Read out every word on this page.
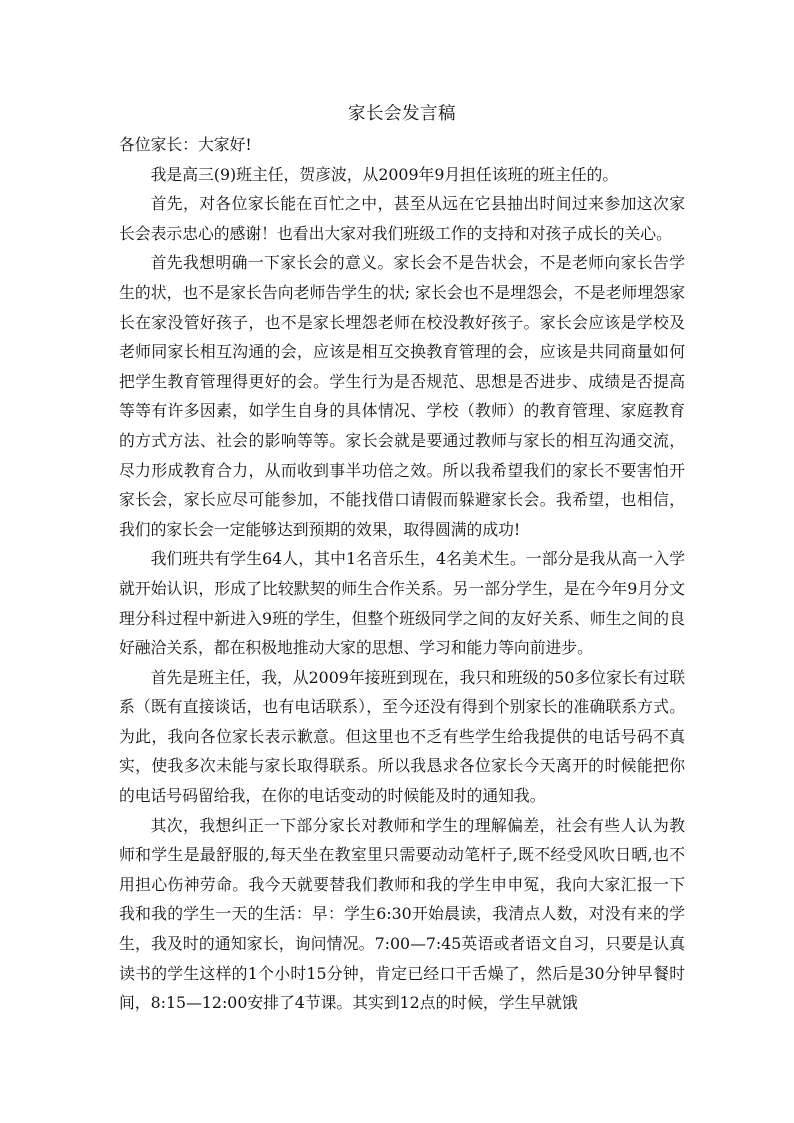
家长会发言稿

各位家长：大家好!

我是高三(9)班主任，贺彦波，从2009年9月担任该班的班主任的。

首先，对各位家长能在百忙之中，甚至从远在它县抽出时间过来参加这次家长会表示忠心的感谢！也看出大家对我们班级工作的支持和对孩子成长的关心。

首先我想明确一下家长会的意义。家长会不是告状会，不是老师向家长告学生的状，也不是家长告向老师告学生的状; 家长会也不是埋怨会，不是老师埋怨家长在家没管好孩子，也不是家长埋怨老师在校没教好孩子。家长会应该是学校及老师同家长相互沟通的会，应该是相互交换教育管理的会，应该是共同商量如何把学生教育管理得更好的会。学生行为是否规范、思想是否进步、成绩是否提高等等有许多因素，如学生自身的具体情况、学校（教师）的教育管理、家庭教育的方式方法、社会的影响等等。家长会就是要通过教师与家长的相互沟通交流，尽力形成教育合力，从而收到事半功倍之效。所以我希望我们的家长不要害怕开家长会，家长应尽可能参加，不能找借口请假而躲避家长会。我希望，也相信，我们的家长会一定能够达到预期的效果，取得圆满的成功!

我们班共有学生64人，其中1名音乐生，4名美术生。一部分是我从高一入学就开始认识，形成了比较默契的师生合作关系。另一部分学生，是在今年9月分文理分科过程中新进入9班的学生，但整个班级同学之间的友好关系、师生之间的良好融洽关系，都在积极地推动大家的思想、学习和能力等向前进步。

首先是班主任，我，从2009年接班到现在，我只和班级的50多位家长有过联系（既有直接谈话，也有电话联系），至今还没有得到个别家长的准确联系方式。为此，我向各位家长表示歉意。但这里也不乏有些学生给我提供的电话号码不真实，使我多次未能与家长取得联系。所以我恳求各位家长今天离开的时候能把你的电话号码留给我，在你的电话变动的时候能及时的通知我。

其次，我想纠正一下部分家长对教师和学生的理解偏差，社会有些人认为教师和学生是最舒服的,每天坐在教室里只需要动动笔杆子,既不经受风吹日晒,也不用担心伤神劳命。我今天就要替我们教师和我的学生申申冤，我向大家汇报一下我和我的学生一天的生活：早：学生6:30开始晨读，我清点人数，对没有来的学生，我及时的通知家长，询问情况。7:00—7:45英语或者语文自习，只要是认真读书的学生这样的1个小时15分钟，肯定已经口干舌燥了，然后是30分钟早餐时间，8:15—12:00安排了4节课。其实到12点的时候，学生早就饿
